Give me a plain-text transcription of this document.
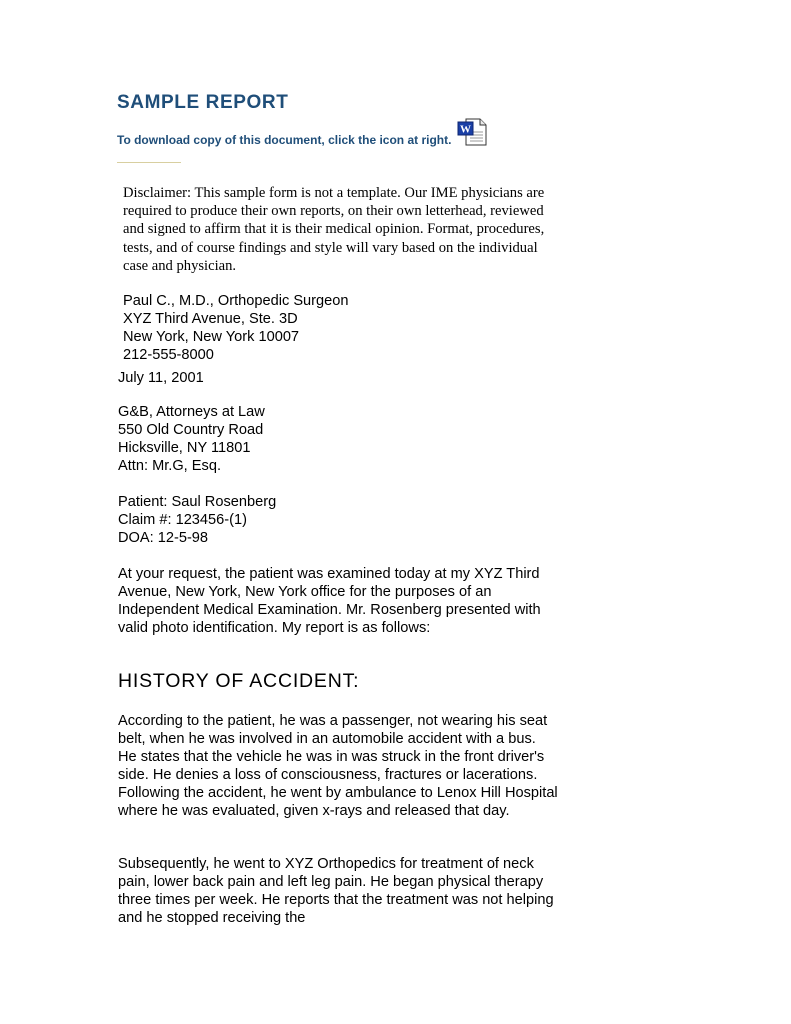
SAMPLE REPORT
To download copy of this document, click the icon at right.
W

Disclaimer: This sample form is not a template. Our IME physicians are required to produce their own reports, on their own letterhead, reviewed and signed to affirm that it is their medical opinion. Format, procedures, tests, and of course findings and style will vary based on the individual case and physician.

Paul C., M.D., Orthopedic Surgeon
XYZ Third Avenue, Ste. 3D
New York, New York 10007
212-555-8000
July 11, 2001
G&B, Attorneys at Law
550 Old Country Road
Hicksville, NY 11801
Attn: Mr.G, Esq.
Patient: Saul Rosenberg
Claim #: 123456-(1)
DOA: 12-5-98

At your request, the patient was examined today at my XYZ Third Avenue, New York, New York office for the purposes of an Independent Medical Examination. Mr. Rosenberg presented with valid photo identification. My report is as follows:

HISTORY OF ACCIDENT:

According to the patient, he was a passenger, not wearing his seat belt, when he was involved in an automobile accident with a bus. He states that the vehicle he was in was struck in the front driver's side. He denies a loss of consciousness, fractures or lacerations. Following the accident, he went by ambulance to Lenox Hill Hospital where he was evaluated, given x-rays and released that day.

Subsequently, he went to XYZ Orthopedics for treatment of neck pain, lower back pain and left leg pain. He began physical therapy three times per week. He reports that the treatment was not helping and he stopped receiving the
